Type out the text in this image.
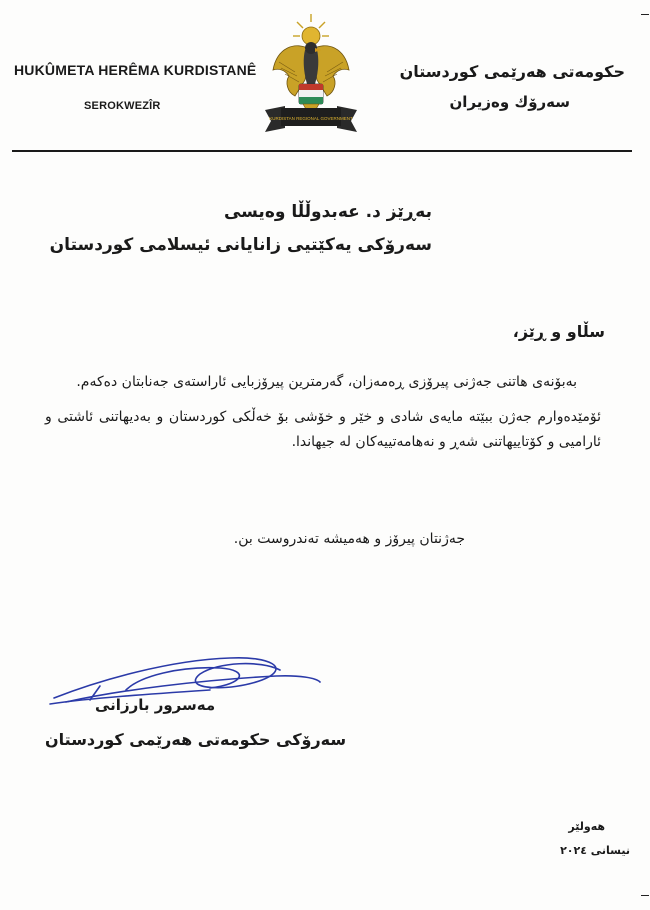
HUKÛMETA HERÊMA KURDISTANÊ
SEROKWEZÎR
KURDISTAN REGIONAL GOVERNMENT
حکومەتی هەرێمی کوردستان
سەرۆك وەزیران
بەڕێز د. عەبدوڵڵا وەیسی
سەرۆکی یەکێتیی زانایانی ئیسلامی کوردستان
سڵاو و ڕێز،

بەبۆنەی هاتنی جەژنی پیرۆزی ڕەمەزان، گەرمترین پیرۆزبایی ئاراستەی جەنابتان دەکەم.

ئۆمێدەوارم جەژن ببێتە مایەی شادی و خێر و خۆشی بۆ خەڵکی کوردستان و بەدیهاتنی ئاشتی و ئارامیی و کۆتاییهاتنی شەڕ و نەهامەتییەکان لە جیهاندا.

جەژنتان پیرۆز و هەمیشە تەندروست بن.
مەسرور بارزانی
سەرۆکی حکومەتی هەرێمی کوردستان
هەولێر
نیسانی ٢٠٢٤
